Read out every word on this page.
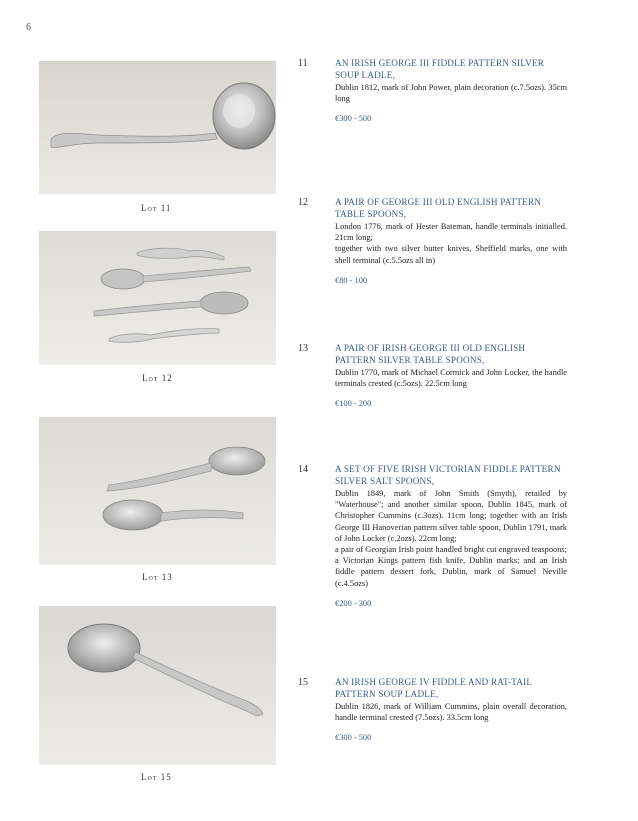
6
Lot 11
Lot 12
Lot 13
Lot 15
11	AN IRISH GEORGE III FIDDLE PATTERN SILVER SOUP LADLE,

Dublin 1812, mark of John Power, plain decoration (c.7.5ozs). 35cm long

€300 - 500
12	A PAIR OF GEORGE III OLD ENGLISH PATTERN TABLE SPOONS,

London 1776, mark of Hester Bateman, handle terminals initialled. 21cm long;

together with two silver butter knives, Sheffield marks, one with shell terminal (c.5.5ozs all in)

€80 - 100
13	A PAIR OF IRISH GEORGE III OLD ENGLISH PATTERN SILVER TABLE SPOONS,

Dublin 1770, mark of Michael Cormick and John Locker, the handle terminals crested (c.5ozs). 22.5cm long

€100 - 200
14	A SET OF FIVE IRISH VICTORIAN FIDDLE PATTERN SILVER SALT SPOONS,

Dublin 1849, mark of John Smith (Smyth), retailed by "Waterhouse"; and another similar spoon, Dublin 1845, mark of Christopher Cummins (c.3ozs). 11cm long; together with an Irish George III Hanoverian pattern silver table spoon, Dublin 1791, mark of John Locker (c.2ozs). 22cm long;

a pair of Georgian Irish point handled bright cut engraved teaspoons; a Victorian Kings pattern fish knife, Dublin marks; and an Irish fiddle pattern dessert fork, Dublin, mark of Samuel Neville (c.4.5ozs)

€200 - 300
15	AN IRISH GEORGE IV FIDDLE AND RAT-TAIL PATTERN SOUP LADLE,

Dublin 1826, mark of William Cummins, plain overall decoration, handle terminal crested (7.5ozs). 33.5cm long

€300 - 500
